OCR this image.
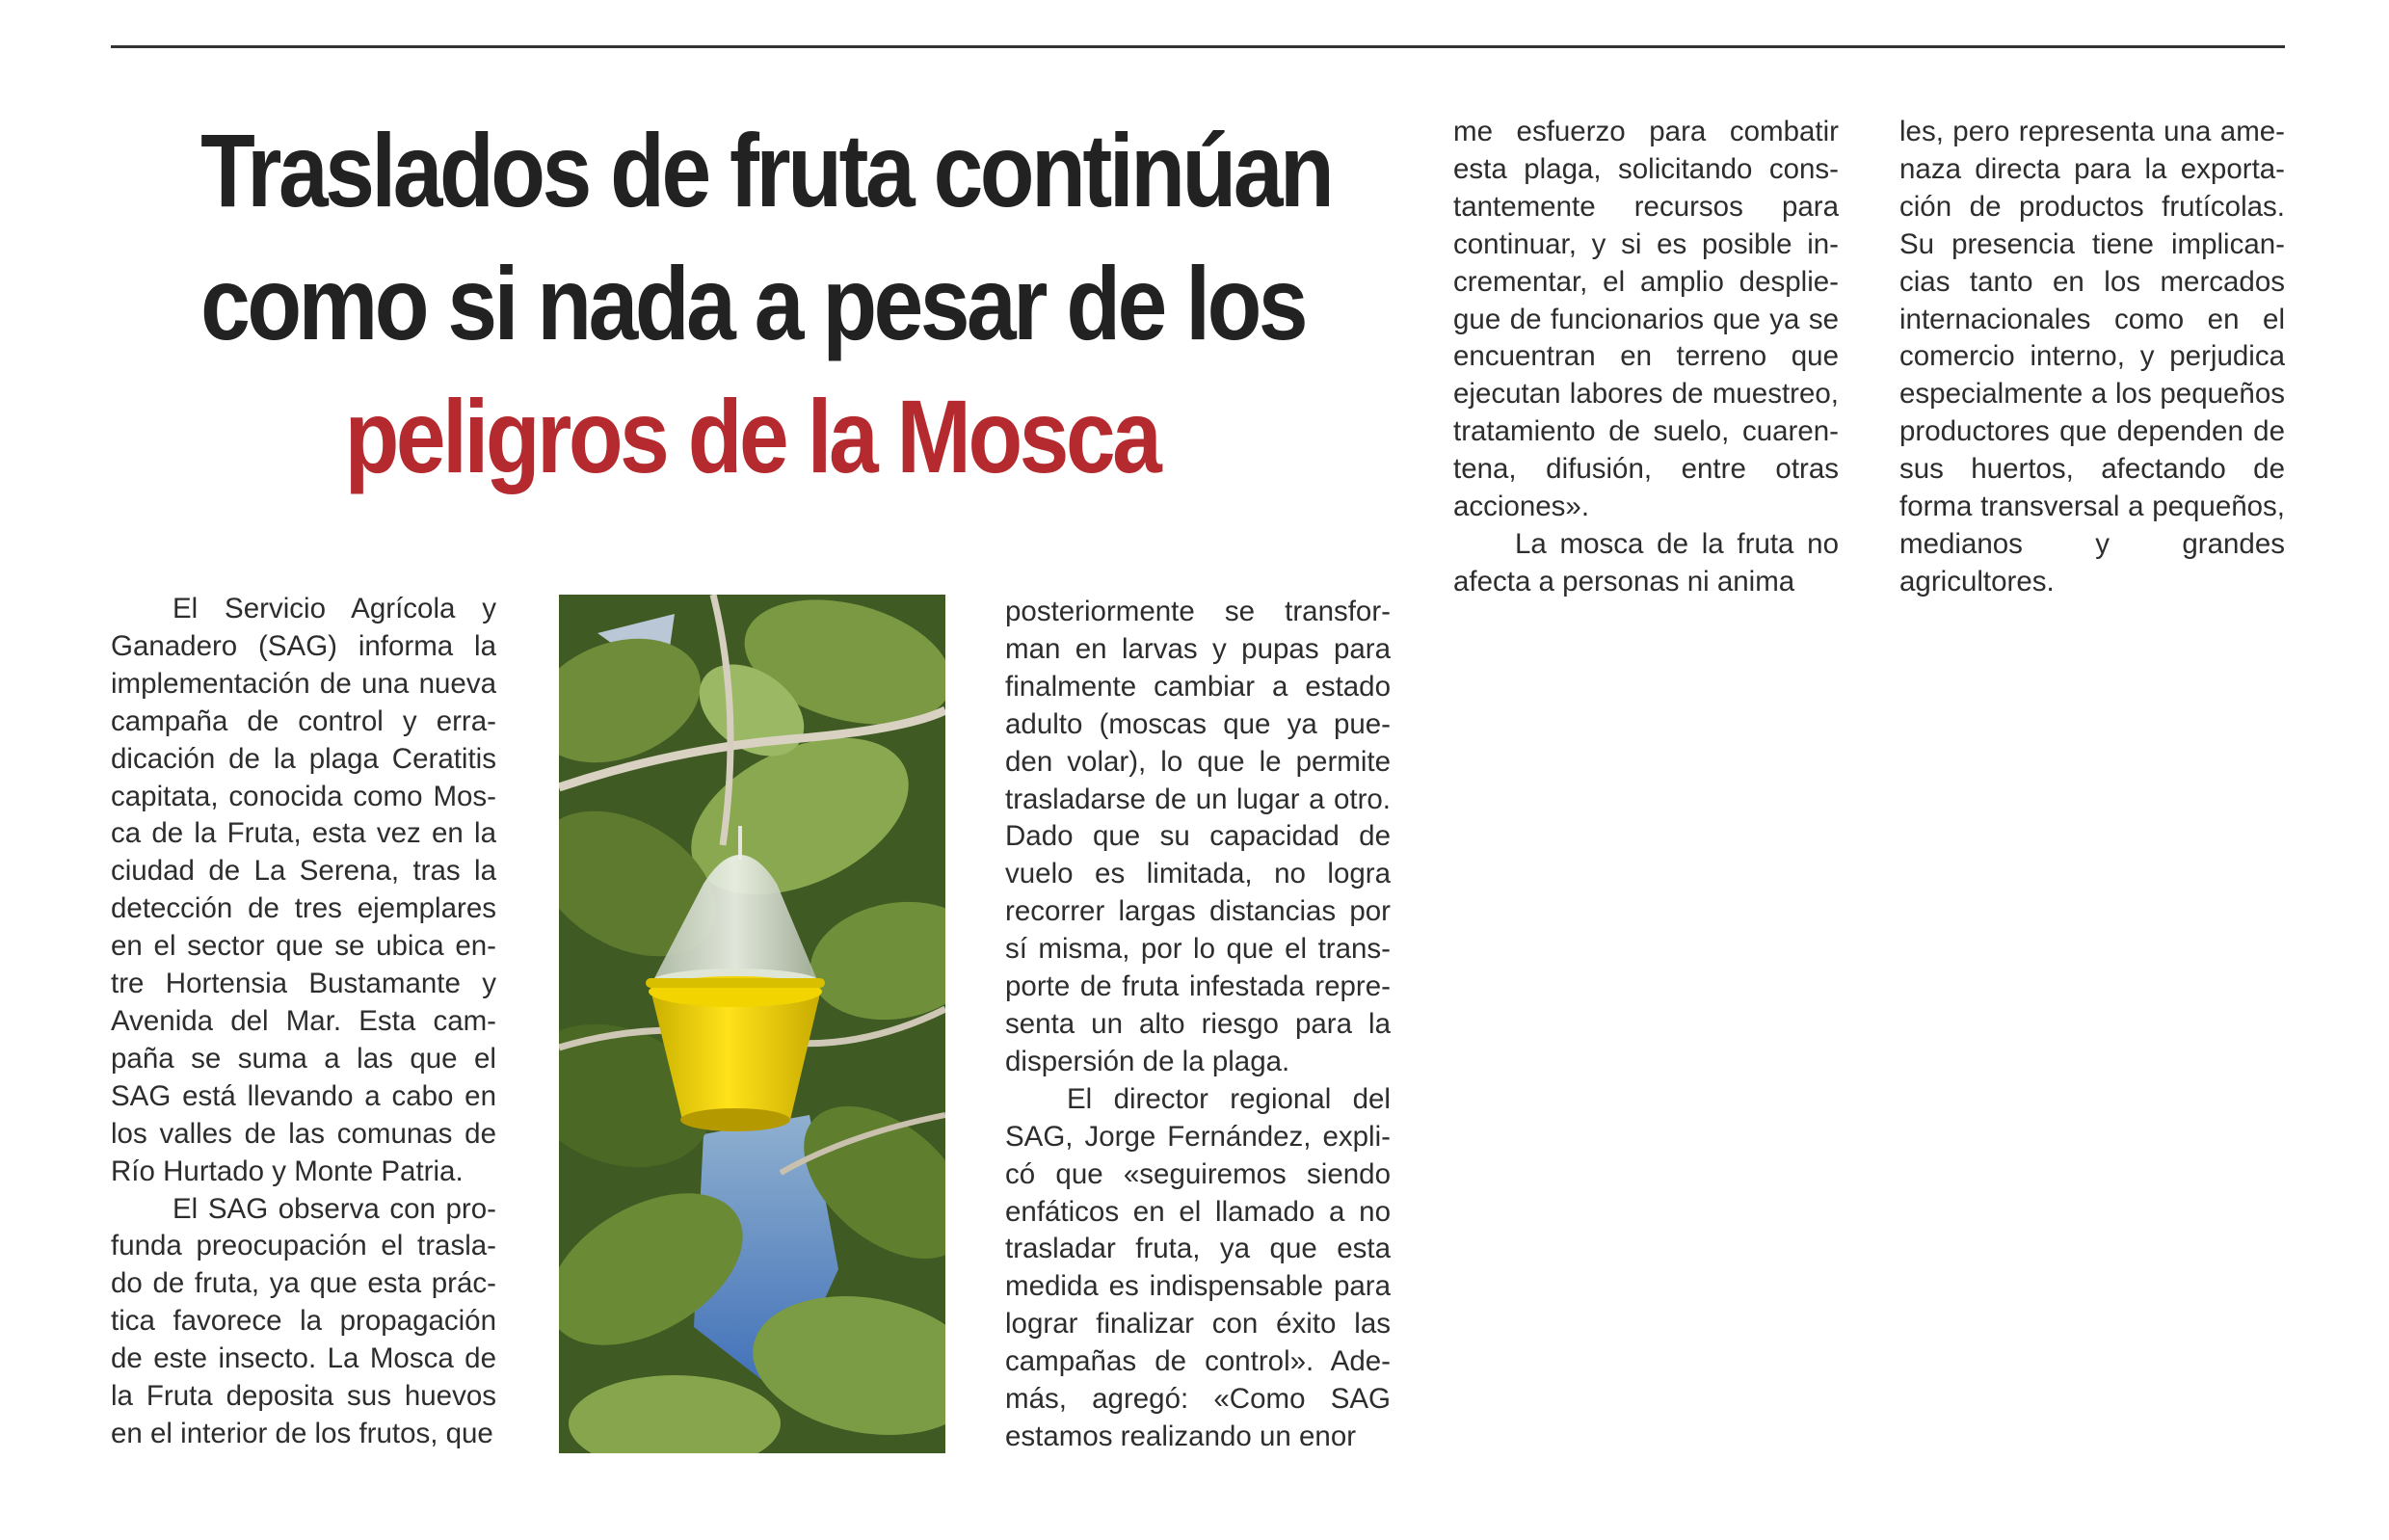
Traslados de fruta continúan
como si nada a pesar de los
peligros de la Mosca

El Servicio Agrícola y Ganadero (SAG) informa la implementación de una nueva campaña de control y erradicación de la plaga Ceratitis capitata, conocida como Mosca de la Fruta, esta vez en la ciudad de La Serena, tras la detección de tres ejemplares en el sector que se ubica entre Hortensia Bustamante y Avenida del Mar. Esta campaña se suma a las que el SAG está llevando a cabo en los valles de las comunas de Río Hurtado y Monte Patria.

El SAG observa con profunda preocupación el traslado de fruta, ya que esta práctica favorece la propagación de este insecto. La Mosca de la Fruta deposita sus huevos en el interior de los frutos, que

posteriormente se transforman en larvas y pupas para finalmente cambiar a estado adulto (moscas que ya pueden volar), lo que le permite trasladarse de un lugar a otro. Dado que su capacidad de vuelo es limitada, no logra recorrer largas distancias por sí misma, por lo que el transporte de fruta infestada representa un alto riesgo para la dispersión de la plaga.

El director regional del SAG, Jorge Fernández, explicó que «seguiremos siendo enfáticos en el llamado a no trasladar fruta, ya que esta medida es indispensable para lograr finalizar con éxito las campañas de control». Además, agregó: «Como SAG estamos realizando un enor

me esfuerzo para combatir esta plaga, solicitando constantemente recursos para continuar, y si es posible incrementar, el amplio despliegue de funcionarios que ya se encuentran en terreno que ejecutan labores de muestreo, tratamiento de suelo, cuarentena, difusión, entre otras acciones».

La mosca de la fruta no afecta a personas ni anima

les, pero representa una amenaza directa para la exportación de productos frutícolas. Su presencia tiene implicancias tanto en los mercados internacionales como en el comercio interno, y perjudica especialmente a los pequeños productores que dependen de sus huertos, afectando de forma transversal a pequeños, medianos y grandes agricultores.
